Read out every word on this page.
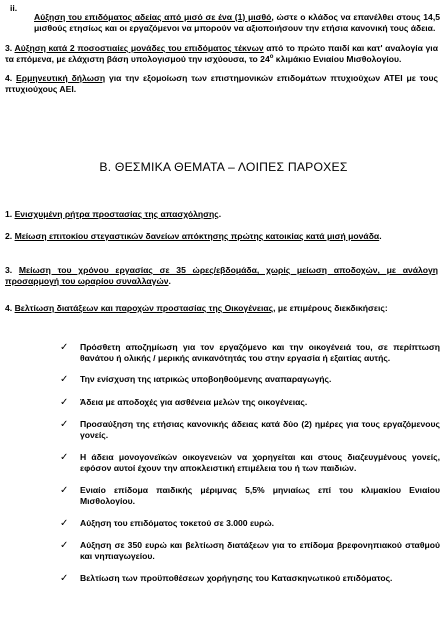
ii.

Αύξηση του επιδόματος αδείας από μισό σε ένα (1) μισθό, ώστε ο κλάδος να επανέλθει στους 14,5 μισθούς ετησίως και οι εργαζόμενοι να μπορούν να αξιοποιήσουν την ετήσια κανονική τους άδεια.

3. Αύξηση κατά 2 ποσοστιαίες μονάδες του επιδόματος τέκνων από το πρώτο παιδί και κατ' αναλογία για τα επόμενα, με ελάχιστη βάση υπολογισμού την ισχύουσα, το $24^o$ κλιμάκιο Ενιαίου Μισθολογίου.

4. Ερμηνευτική δήλωση για την εξομοίωση των επιστημονικών επιδομάτων πτυχιούχων ΑΤΕΙ με τους πτυχιούχους ΑΕΙ.

Β. ΘΕΣΜΙΚΑ ΘΕΜΑΤΑ – ΛΟΙΠΕΣ ΠΑΡΟΧΕΣ

1. Ενισχυμένη ρήτρα προστασίας της απασχόλησης.

2. Μείωση επιτοκίου στεγαστικών δανείων απόκτησης πρώτης κατοικίας κατά μισή μονάδα.

3. Μείωση του χρόνου εργασίας σε 35 ώρες/εβδομάδα, χωρίς μείωση αποδοχών, με ανάλογη προσαρμογή του ωραρίου συναλλαγών.

4. Βελτίωση διατάξεων και παροχών προστασίας της Οικογένειας, με επιμέρους διεκδικήσεις:

✓ Πρόσθετη αποζημίωση για τον εργαζόμενο και την οικογένειά του, σε περίπτωση θανάτου ή ολικής / μερικής ανικανότητάς του στην εργασία ή εξαιτίας αυτής.
✓ Την ενίσχυση της ιατρικώς υποβοηθούμενης αναπαραγωγής.
✓ Άδεια με αποδοχές για ασθένεια μελών της οικογένειας.
✓ Προσαύξηση της ετήσιας κανονικής άδειας κατά δύο (2) ημέρες για τους εργαζόμενους γονείς.
✓ Η άδεια μονογονεϊκών οικογενειών να χορηγείται και στους διαζευγμένους γονείς, εφόσον αυτοί έχουν την αποκλειστική επιμέλεια του ή των παιδιών.
✓ Ενιαίο επίδομα παιδικής μέριμνας 5,5% μηνιαίως επί του κλιμακίου Ενιαίου Μισθολογίου.
✓ Αύξηση του επιδόματος τοκετού σε 3.000 ευρώ.
✓ Αύξηση σε 350 ευρώ και βελτίωση διατάξεων για το επίδομα βρεφονηπιακού σταθμού και νηπιαγωγείου.
✓ Βελτίωση των προϋποθέσεων χορήγησης του Κατασκηνωτικού επιδόματος.
